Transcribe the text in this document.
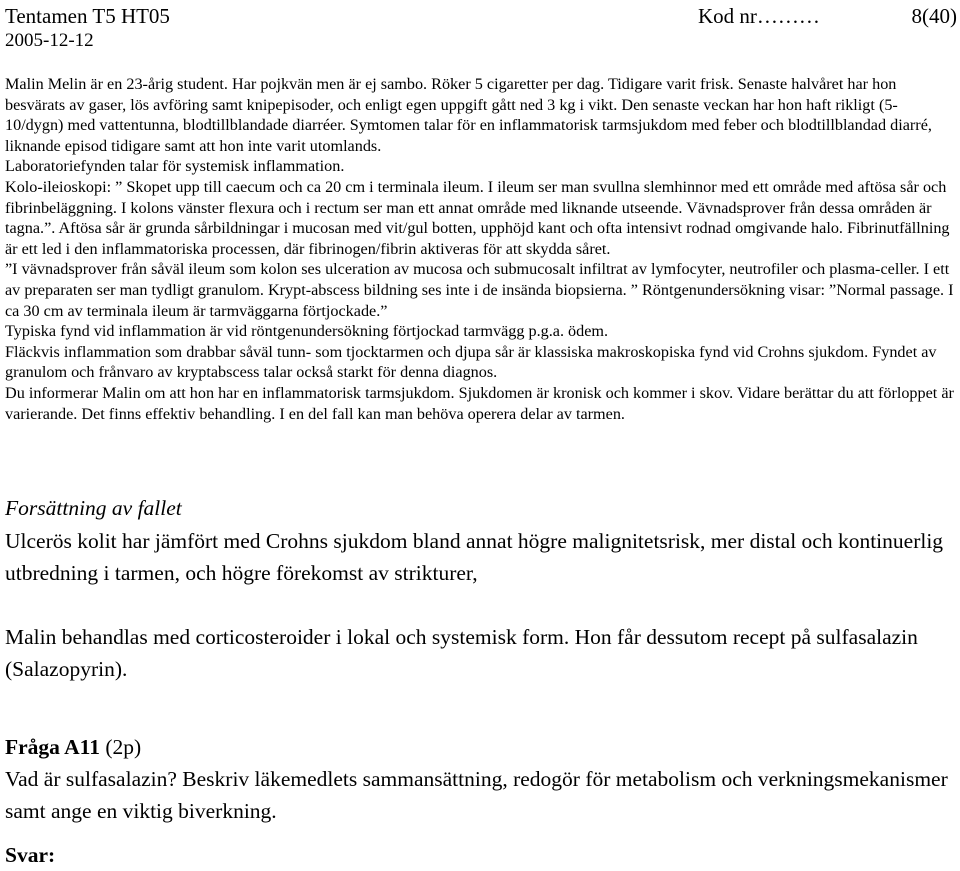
Tentamen T5 HT05
2005-12-12
Kod nr………	8(40)

Malin Melin är en 23-årig student. Har pojkvän men är ej sambo. Röker 5 cigaretter per dag. Tidigare varit frisk. Senaste halvåret har hon besvärats av gaser, lös avföring samt knipepisoder, och enligt egen uppgift gått ned 3 kg i vikt. Den senaste veckan har hon haft rikligt (5-10/dygn) med vattentunna, blodtillblandade diarréer. Symtomen talar för en inflammatorisk tarmsjukdom med feber och blodtillblandad diarré, liknande episod tidigare samt att hon inte varit utomlands.

Laboratoriefynden talar för systemisk inflammation.

Kolo-ileioskopi: ” Skopet upp till caecum och ca 20 cm i terminala ileum. I ileum ser man svullna slemhinnor med ett område med aftösa sår och fibrinbeläggning. I kolons vänster flexura och i rectum ser man ett annat område med liknande utseende. Vävnadsprover från dessa områden är tagna.”. Aftösa sår är grunda sårbildningar i mucosan med vit/gul botten, upphöjd kant och ofta intensivt rodnad omgivande halo. Fibrinutfällning är ett led i den inflammatoriska processen, där fibrinogen/fibrin aktiveras för att skydda såret.

”I vävnadsprover från såväl ileum som kolon ses ulceration av mucosa och submucosalt infiltrat av lymfocyter, neutrofiler och plasma-celler. I ett av preparaten ser man tydligt granulom. Krypt-abscess bildning ses inte i de insända biopsierna. ” Röntgenundersökning visar: ”Normal passage. I ca 30 cm av terminala ileum är tarmväggarna förtjockade.”

Typiska fynd vid inflammation är vid röntgenundersökning förtjockad tarmvägg p.g.a. ödem.

Fläckvis inflammation som drabbar såväl tunn- som tjocktarmen och djupa sår är klassiska makroskopiska fynd vid Crohns sjukdom. Fyndet av granulom och frånvaro av kryptabscess talar också starkt för denna diagnos.

Du informerar Malin om att hon har en inflammatorisk tarmsjukdom. Sjukdomen är kronisk och kommer i skov. Vidare berättar du att förloppet är varierande. Det finns effektiv behandling. I en del fall kan man behöva operera delar av tarmen.

Forsättning av fallet

Ulcerös kolit har jämfört med Crohns sjukdom bland annat högre malignitetsrisk, mer distal och kontinuerlig utbredning i tarmen, och högre förekomst av strikturer,

Malin behandlas med corticosteroider i lokal och systemisk form. Hon får dessutom recept på sulfasalazin (Salazopyrin).

Fråga A11 (2p)

Vad är sulfasalazin? Beskriv läkemedlets sammansättning, redogör för metabolism och verkningsmekanismer samt ange en viktig biverkning.

Svar:
